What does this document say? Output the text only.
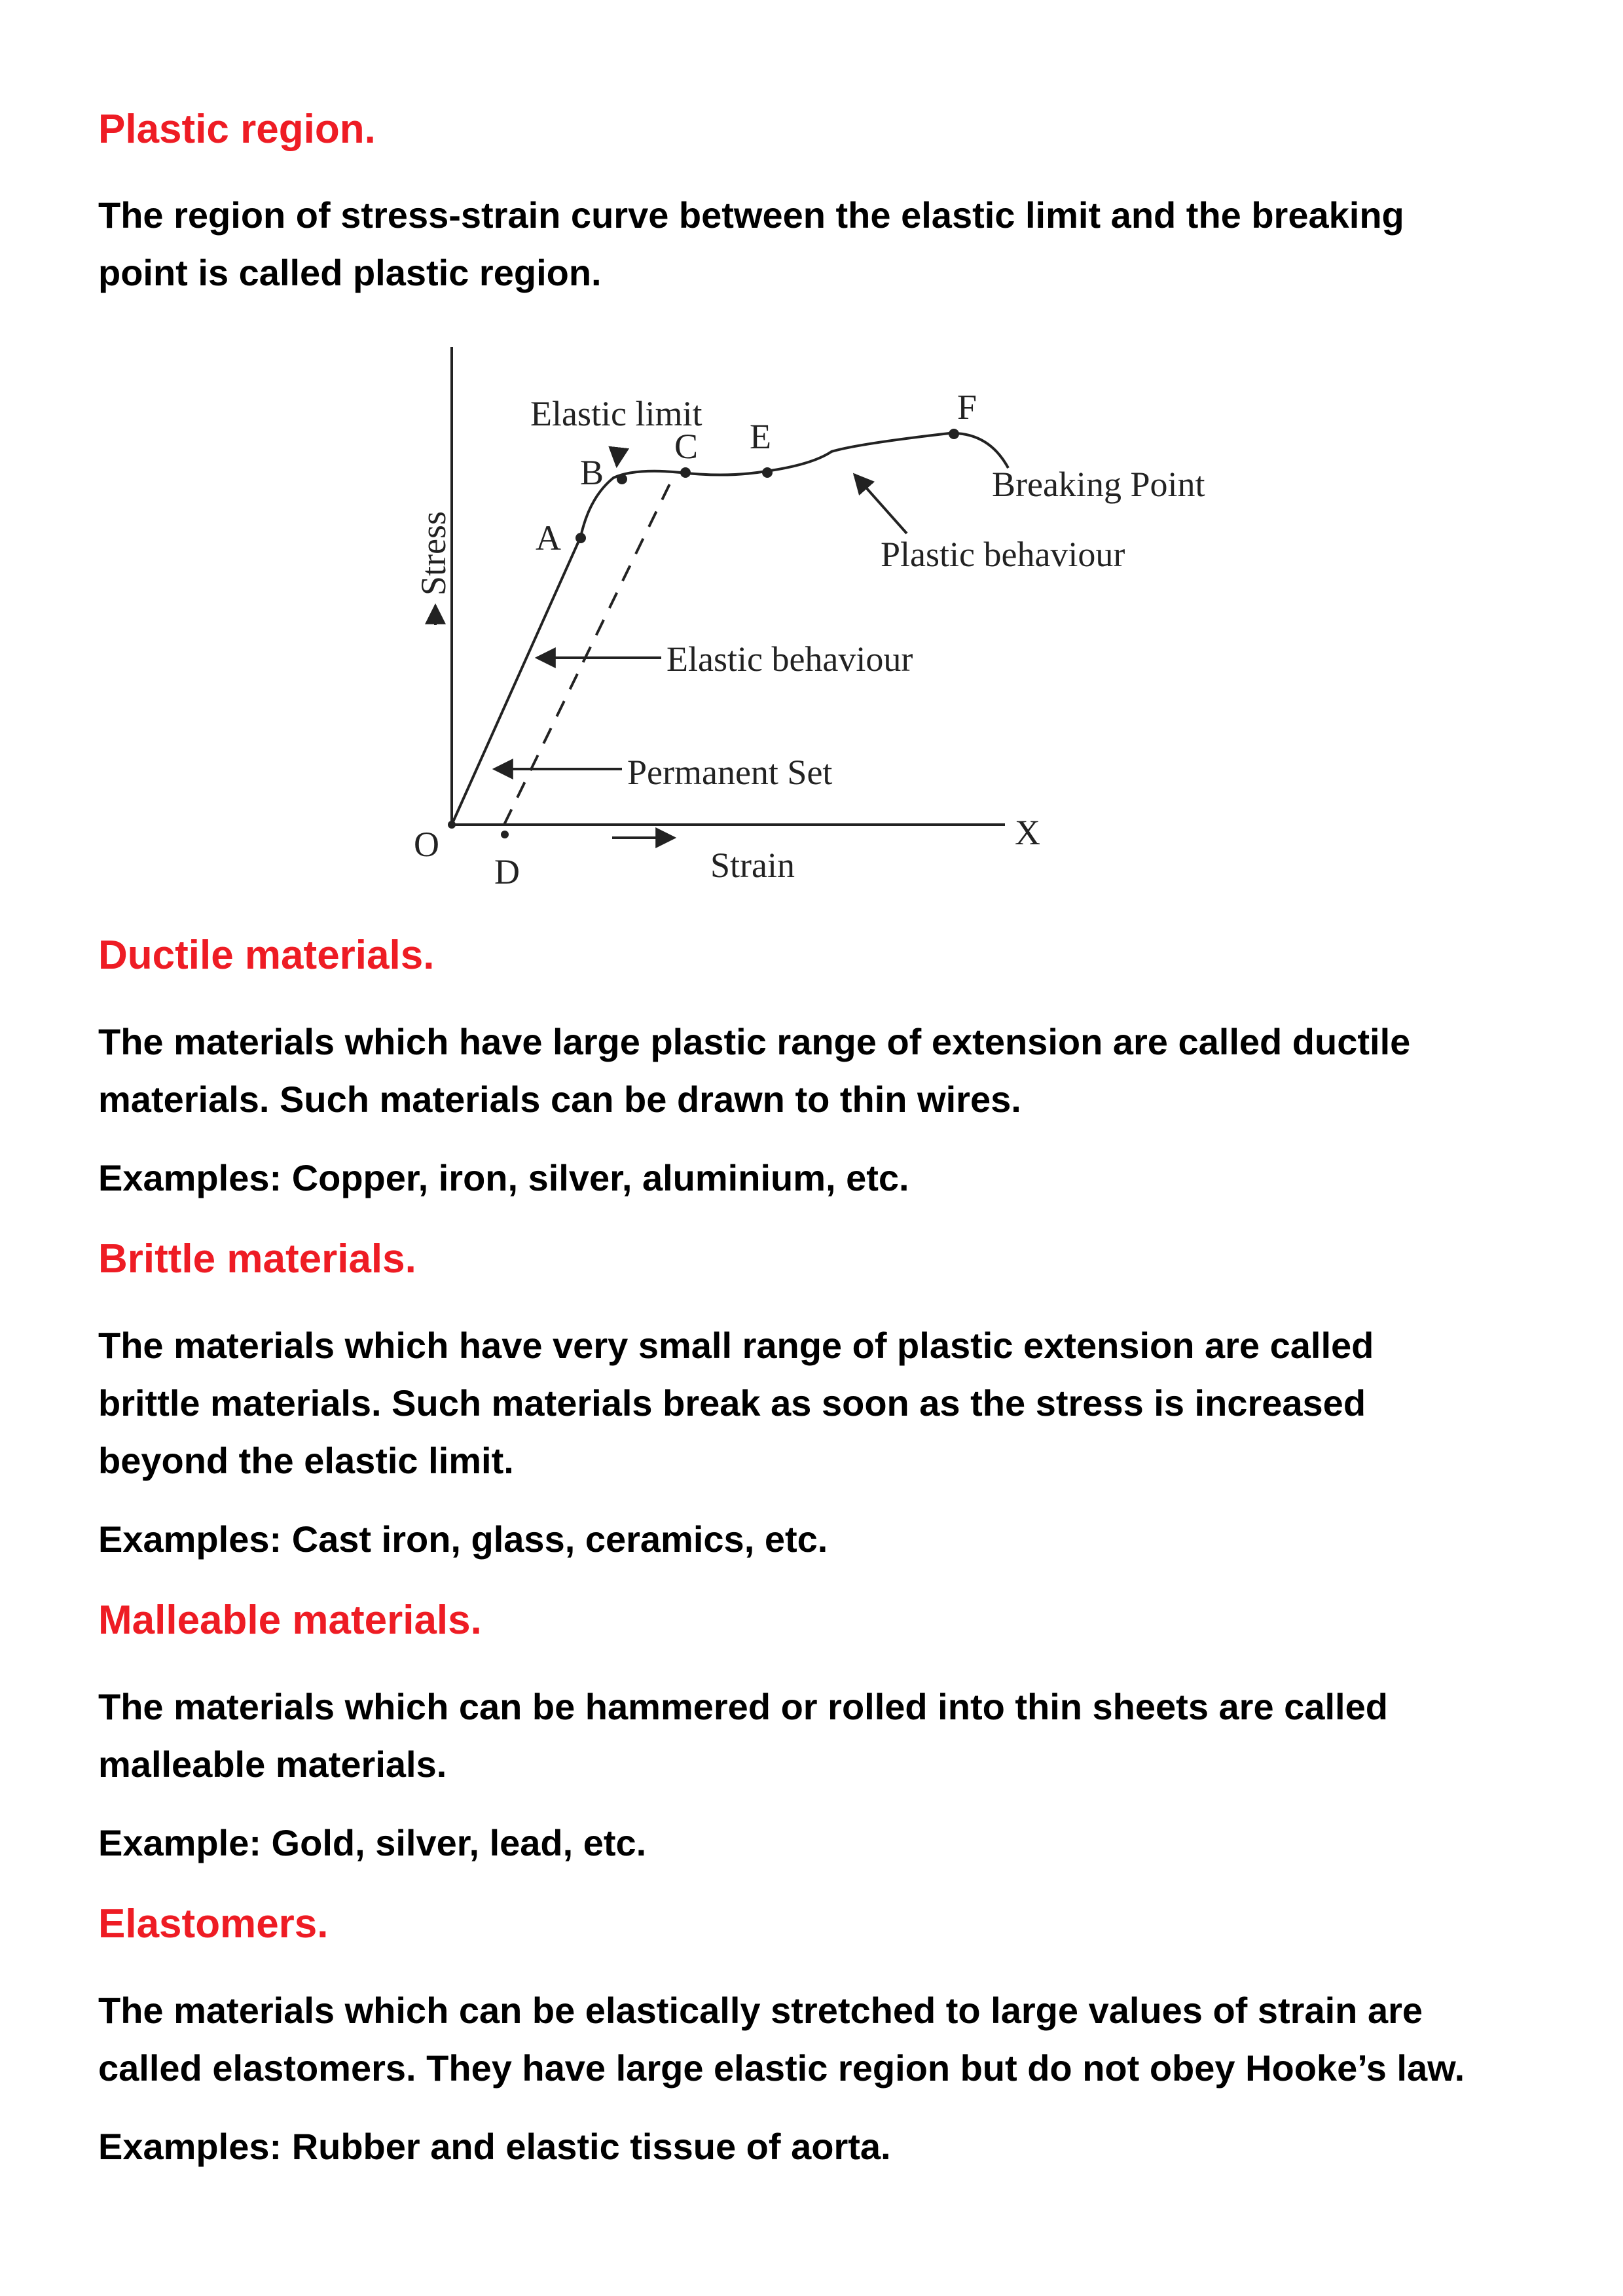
Plastic region.

The region of stress-strain curve between the elastic limit and the breaking

point is called plastic region.

Elastic limit
B
C E
F
A
Breaking Point
Plastic behaviour
Elastic behaviour
Permanent Set
O
D	Strain
X
Stress
Ductile materials.

The materials which have large plastic range of extension are called ductile

materials. Such materials can be drawn to thin wires.

Examples: Copper, iron, silver, aluminium, etc.

Brittle materials.

The materials which have very small range of plastic extension are called

brittle materials. Such materials break as soon as the stress is increased

beyond the elastic limit.

Examples: Cast iron, glass, ceramics, etc.

Malleable materials.

The materials which can be hammered or rolled into thin sheets are called

malleable materials.

Example: Gold, silver, lead, etc.

Elastomers.

The materials which can be elastically stretched to large values of strain are

called elastomers. They have large elastic region but do not obey Hooke’s law.

Examples: Rubber and elastic tissue of aorta.
